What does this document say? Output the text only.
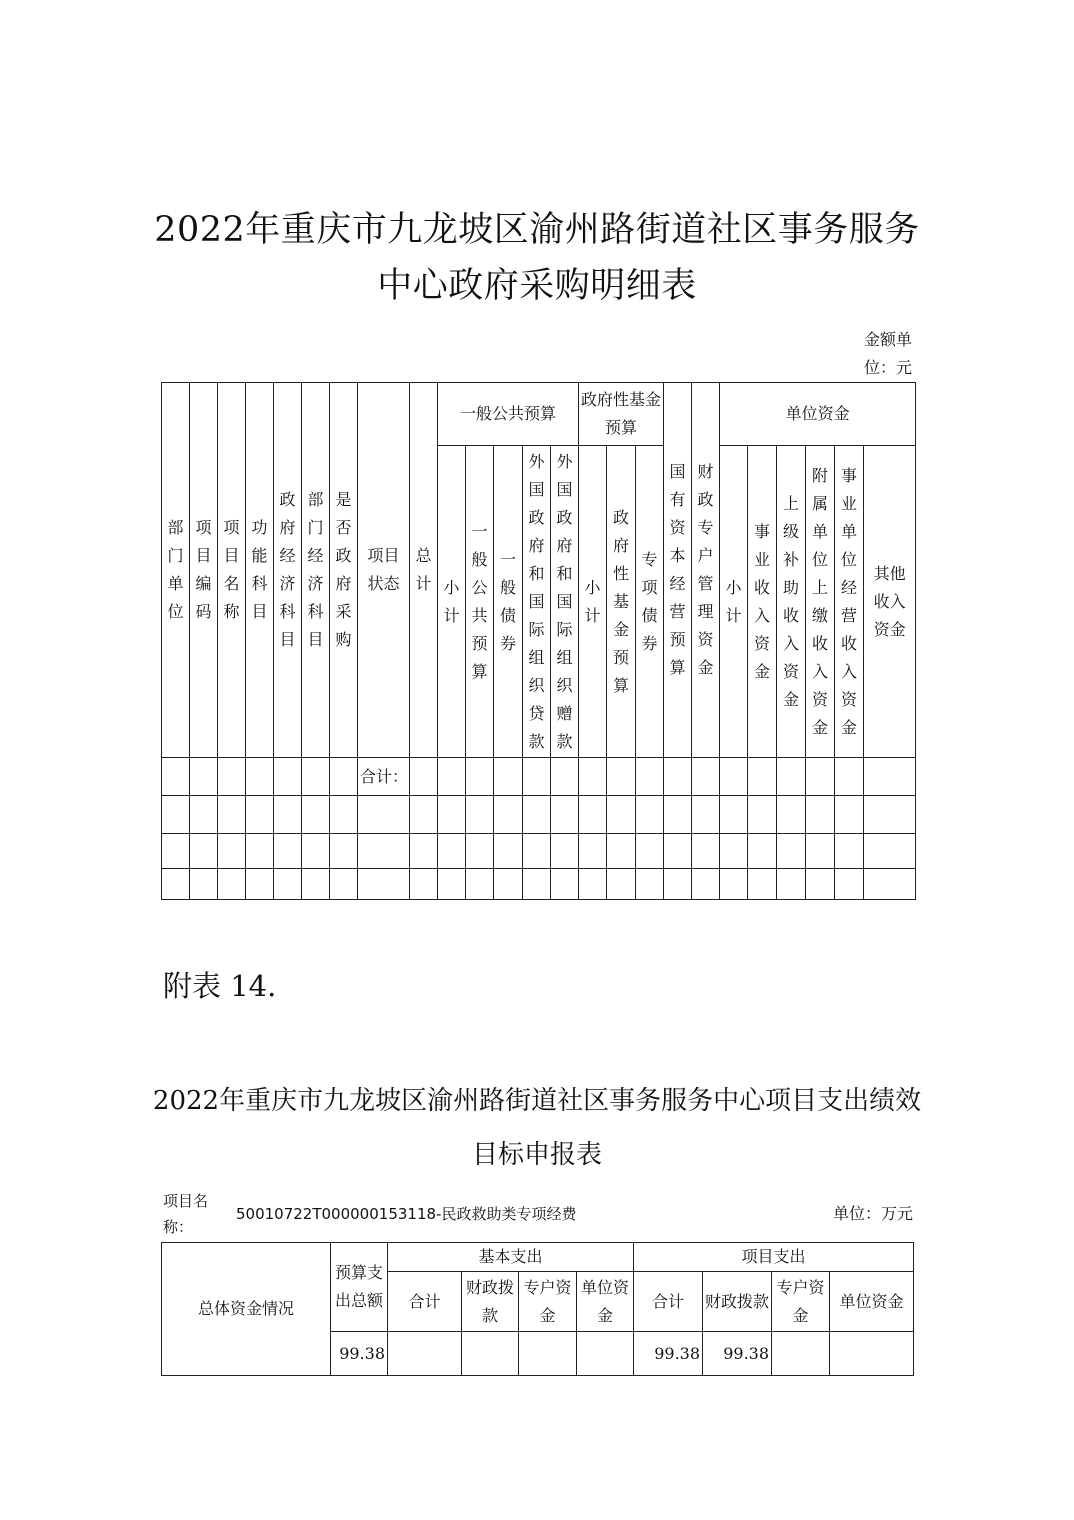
2022年重庆市九龙坡区渝州路街道社区事务服务
中心政府采购明细表
金额单
位：元
部门单位	项目编码	项目名称	功能科目	政府经济科目	部门经济科目	是否政府采购	项目状态	总计	一般公共预算					政府性基金预算			国有资本经营预算	财政专户管理资金	单位资金					
									小计	一般公共预算	一般债券	外国政府和国际组织贷款	外国政府和国际组织赠款	小计	政府性基金预算	专项债券			小计	事业收入资金	上级补助收入资金	附属单位上缴收入资金	事业单位经营收入资金	其他收入资金
							合计：																	

附表 14.
2022年重庆市九龙坡区渝州路街道社区事务服务中心项目支出绩效
目标申报表
项目名
称：
50010722T000000153118-民政救助类专项经费	单位：万元
总体资金情况	预算支出总额	基本支出				项目支出			
		合计	财政拨款	专户资金	单位资金	合计	财政拨款	专户资金	单位资金
	99.38					99.38	99.38		
